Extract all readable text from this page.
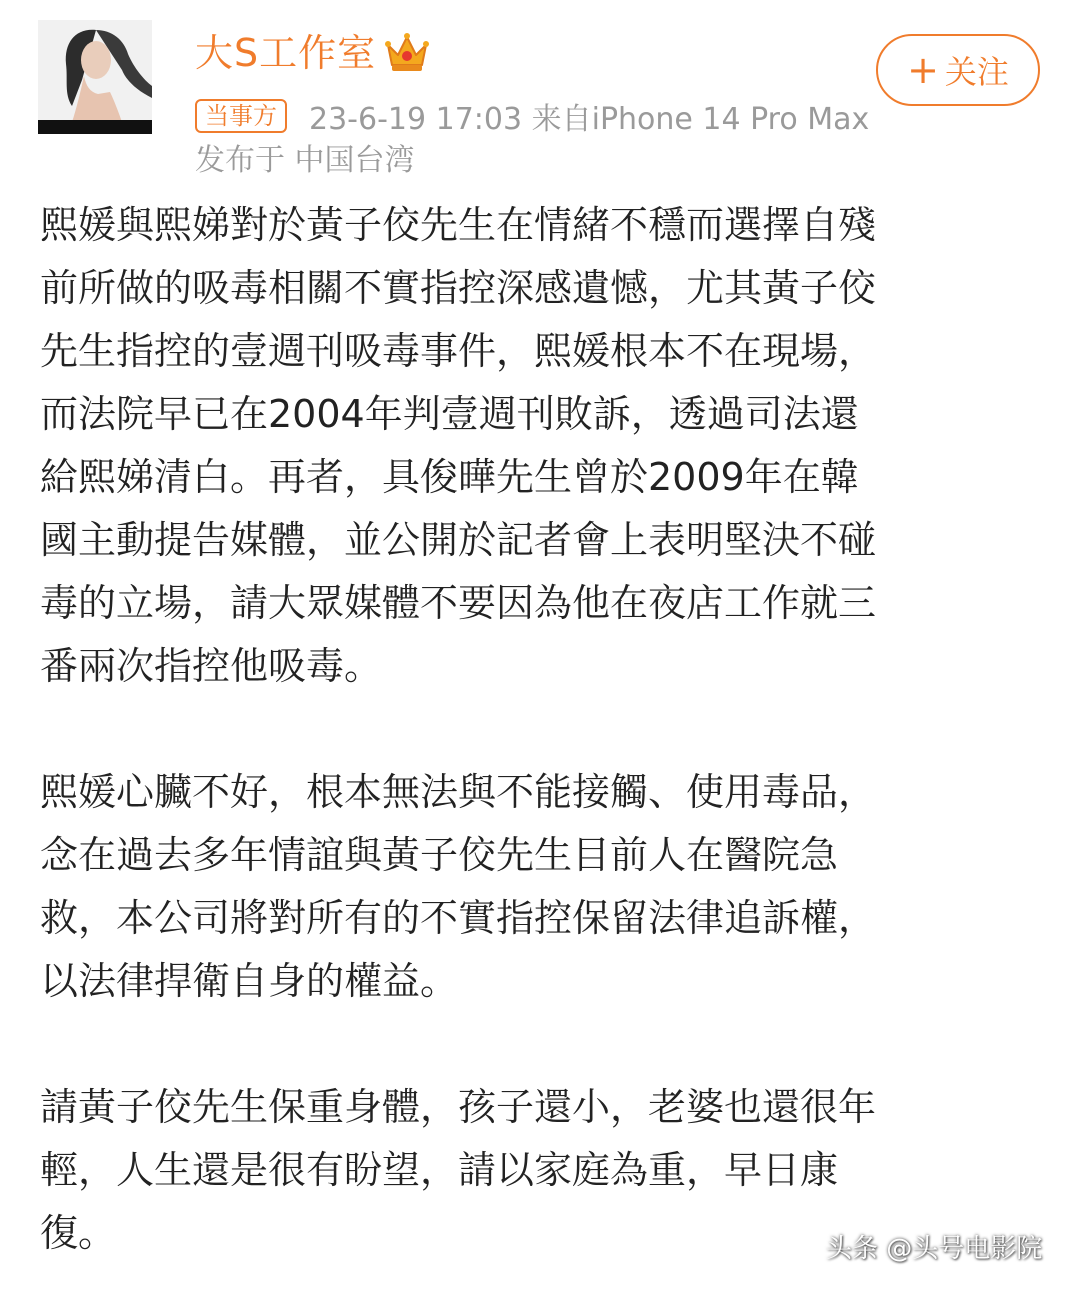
大S工作室
当事方	23-6-19 17:03 来自iPhone 14 Pro Max
发布于 中国台湾
+ 关注

熙媛與熙娣對於黃子佼先生在情緒不穩而選擇自殘

前所做的吸毒相關不實指控深感遺憾，尤其黃子佼

先生指控的壹週刊吸毒事件，熙媛根本不在現場，

而法院早已在2004年判壹週刊敗訴，透過司法還

給熙娣清白。再者，具俊曄先生曾於2009年在韓

國主動提告媒體，並公開於記者會上表明堅決不碰

毒的立場，請大眾媒體不要因為他在夜店工作就三

番兩次指控他吸毒。

熙媛心臟不好，根本無法與不能接觸、使用毒品，

念在過去多年情誼與黃子佼先生目前人在醫院急

救，本公司將對所有的不實指控保留法律追訴權，

以法律捍衛自身的權益。

請黃子佼先生保重身體，孩子還小，老婆也還很年

輕，人生還是很有盼望，請以家庭為重，早日康

復。	头条 @头号电影院
